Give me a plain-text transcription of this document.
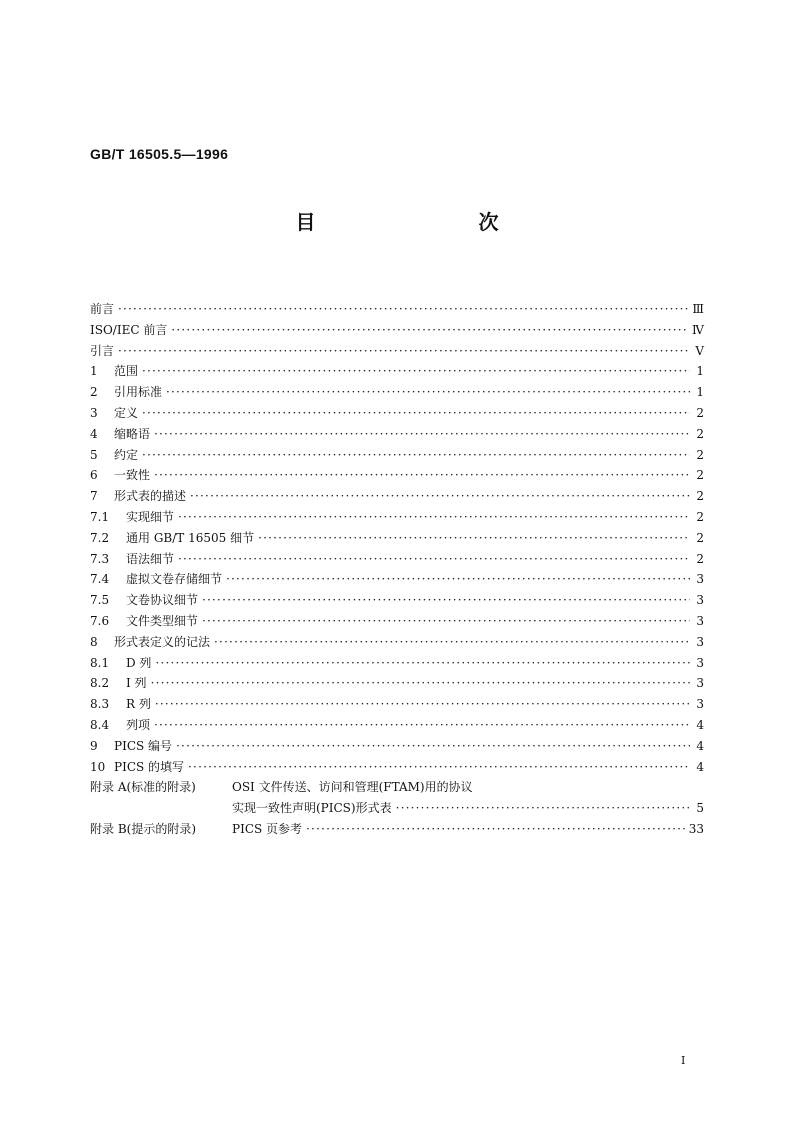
GB/T 16505.5—1996
目 次
前言 ·····	Ⅲ
ISO/IEC 前言 ·····	Ⅳ
引言 ·····	Ⅴ
1	范围 ·····	1
2	引用标准 ·····	1
3	定义 ·····	2
4	缩略语 ·····	2
5	约定 ·····	2
6	一致性 ·····	2
7	形式表的描述 ·····	2
7.1	实现细节 ·····	2
7.2	通用 GB/T 16505 细节 ·····	2
7.3	语法细节 ·····	2
7.4	虚拟文卷存储细节 ·····	3
7.5	文卷协议细节 ·····	3
7.6	文件类型细节 ·····	3
8	形式表定义的记法 ·····	3
8.1	D 列 ·····	3
8.2	I 列 ·····	3
8.3	R 列 ·····	3
8.4	列项 ·····	4
9	PICS 编号 ·····	4
10 PICS 的填写 ·····	4
附录 A(标准的附录)	OSI 文件传送、访问和管理(FTAM)用的协议
实现一致性声明(PICS)形式表 ·····	5
附录 B(提示的附录)	PICS 页参考 ·····	33
I
